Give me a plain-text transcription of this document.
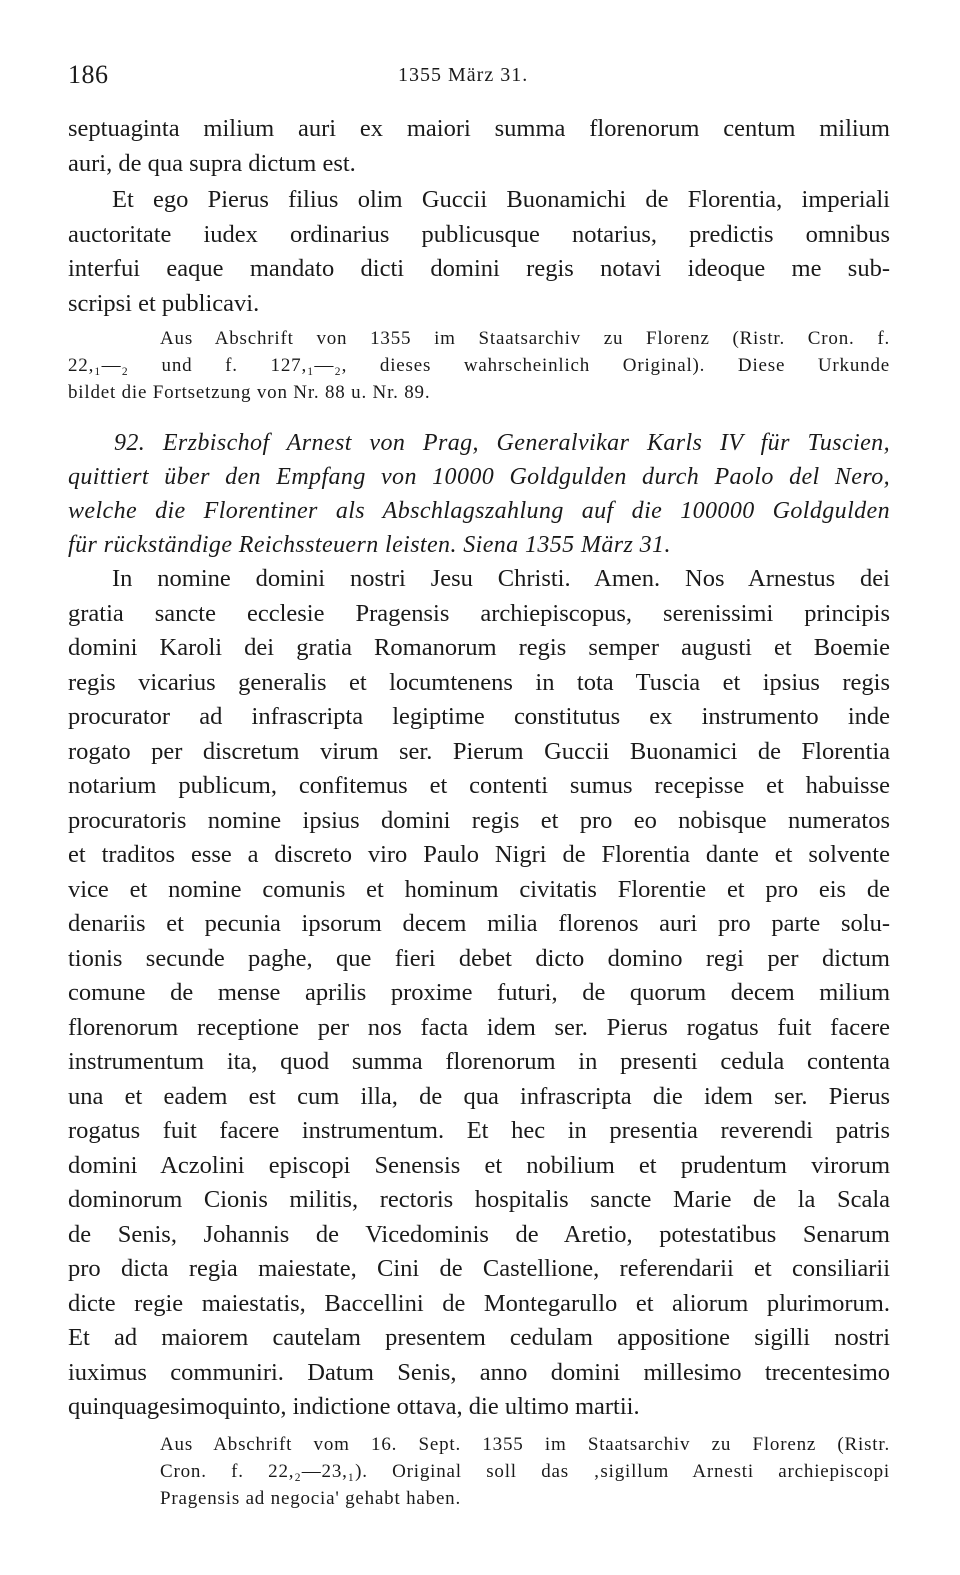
186	1355 März 31.
septuaginta milium auri ex maiori summa florenorum centum milium
auri, de qua supra dictum est.
Et ego Pierus filius olim Guccii Buonamichi de Florentia, imperiali
auctoritate iudex ordinarius publicusque notarius, predictis omnibus
interfui eaque mandato dicti domini regis notavi ideoque me sub-
scripsi et publicavi.
Aus Abschrift von 1355 im Staatsarchiv zu Florenz (Ristr. Cron. f.
22,₁—₂ und f. 127,₁—₂, dieses wahrscheinlich Original). Diese Urkunde
bildet die Fortsetzung von Nr. 88 u. Nr. 89.
92. Erzbischof Arnest von Prag, Generalvikar Karls IV für Tuscien,
quittiert über den Empfang von 10000 Goldgulden durch Paolo del Nero,
welche die Florentiner als Abschlagszahlung auf die 100000 Goldgulden
für rückständige Reichssteuern leisten. Siena 1355 März 31.
In nomine domini nostri Jesu Christi. Amen. Nos Arnestus dei
gratia sancte ecclesie Pragensis archiepiscopus, serenissimi principis
domini Karoli dei gratia Romanorum regis semper augusti et Boemie
regis vicarius generalis et locumtenens in tota Tuscia et ipsius regis
procurator ad infrascripta legiptime constitutus ex instrumento inde
rogato per discretum virum ser. Pierum Guccii Buonamici de Florentia
notarium publicum, confitemus et contenti sumus recepisse et habuisse
procuratoris nomine ipsius domini regis et pro eo nobisque numeratos
et traditos esse a discreto viro Paulo Nigri de Florentia dante et solvente
vice et nomine comunis et hominum civitatis Florentie et pro eis de
denariis et pecunia ipsorum decem milia florenos auri pro parte solu-
tionis secunde paghe, que fieri debet dicto domino regi per dictum
comune de mense aprilis proxime futuri, de quorum decem milium
florenorum receptione per nos facta idem ser. Pierus rogatus fuit facere
instrumentum ita, quod summa florenorum in presenti cedula contenta
una et eadem est cum illa, de qua infrascripta die idem ser. Pierus
rogatus fuit facere instrumentum. Et hec in presentia reverendi patris
domini Aczolini episcopi Senensis et nobilium et prudentum virorum
dominorum Cionis militis, rectoris hospitalis sancte Marie de la Scala
de Senis, Johannis de Vicedominis de Aretio, potestatibus Senarum
pro dicta regia maiestate, Cini de Castellione, referendarii et consiliarii
dicte regie maiestatis, Baccellini de Montegarullo et aliorum plurimorum.
Et ad maiorem cautelam presentem cedulam appositione sigilli nostri
iuximus communiri. Datum Senis, anno domini millesimo trecentesimo
quinquagesimoquinto, indictione ottava, die ultimo martii.
Aus Abschrift vom 16. Sept. 1355 im Staatsarchiv zu Florenz (Ristr.
Cron. f. 22,₂—23,₁). Original soll das ‚sigillum Arnesti archiepiscopi
Pragensis ad negocia' gehabt haben.
